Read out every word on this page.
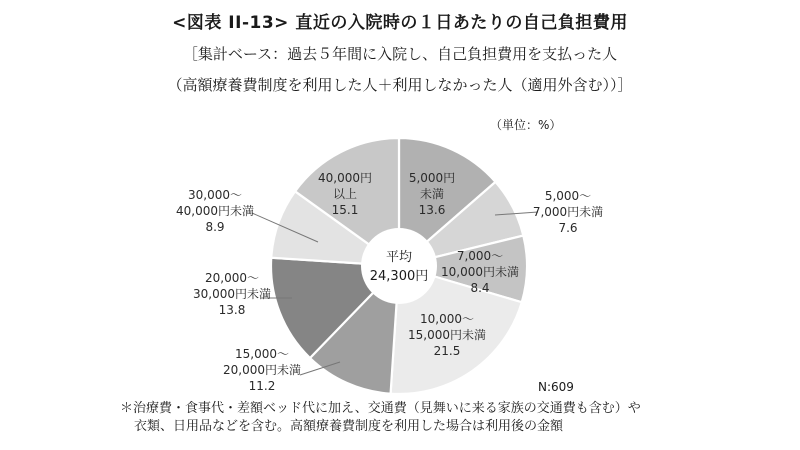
<図表 II-13> 直近の入院時の１日あたりの自己負担費用
［集計ベース：過去５年間に入院し、自己負担費用を支払った人
（高額療養費制度を利用した人＋利用しなかった人（適用外含む））］
（単位：%）
平均
24,300円
5,000円
未満
13.6
5,000～
7,000円未満
7.6
7,000～
10,000円未満
8.4
10,000～
15,000円未満
21.5
15,000～
20,000円未満
11.2
20,000～
30,000円未満
13.8
30,000～
40,000円未満
8.9
40,000円
以上
15.1
N:609
＊治療費・食事代・差額ベッド代に加え、交通費（見舞いに来る家族の交通費も含む）や
衣類、日用品などを含む。高額療養費制度を利用した場合は利用後の金額
